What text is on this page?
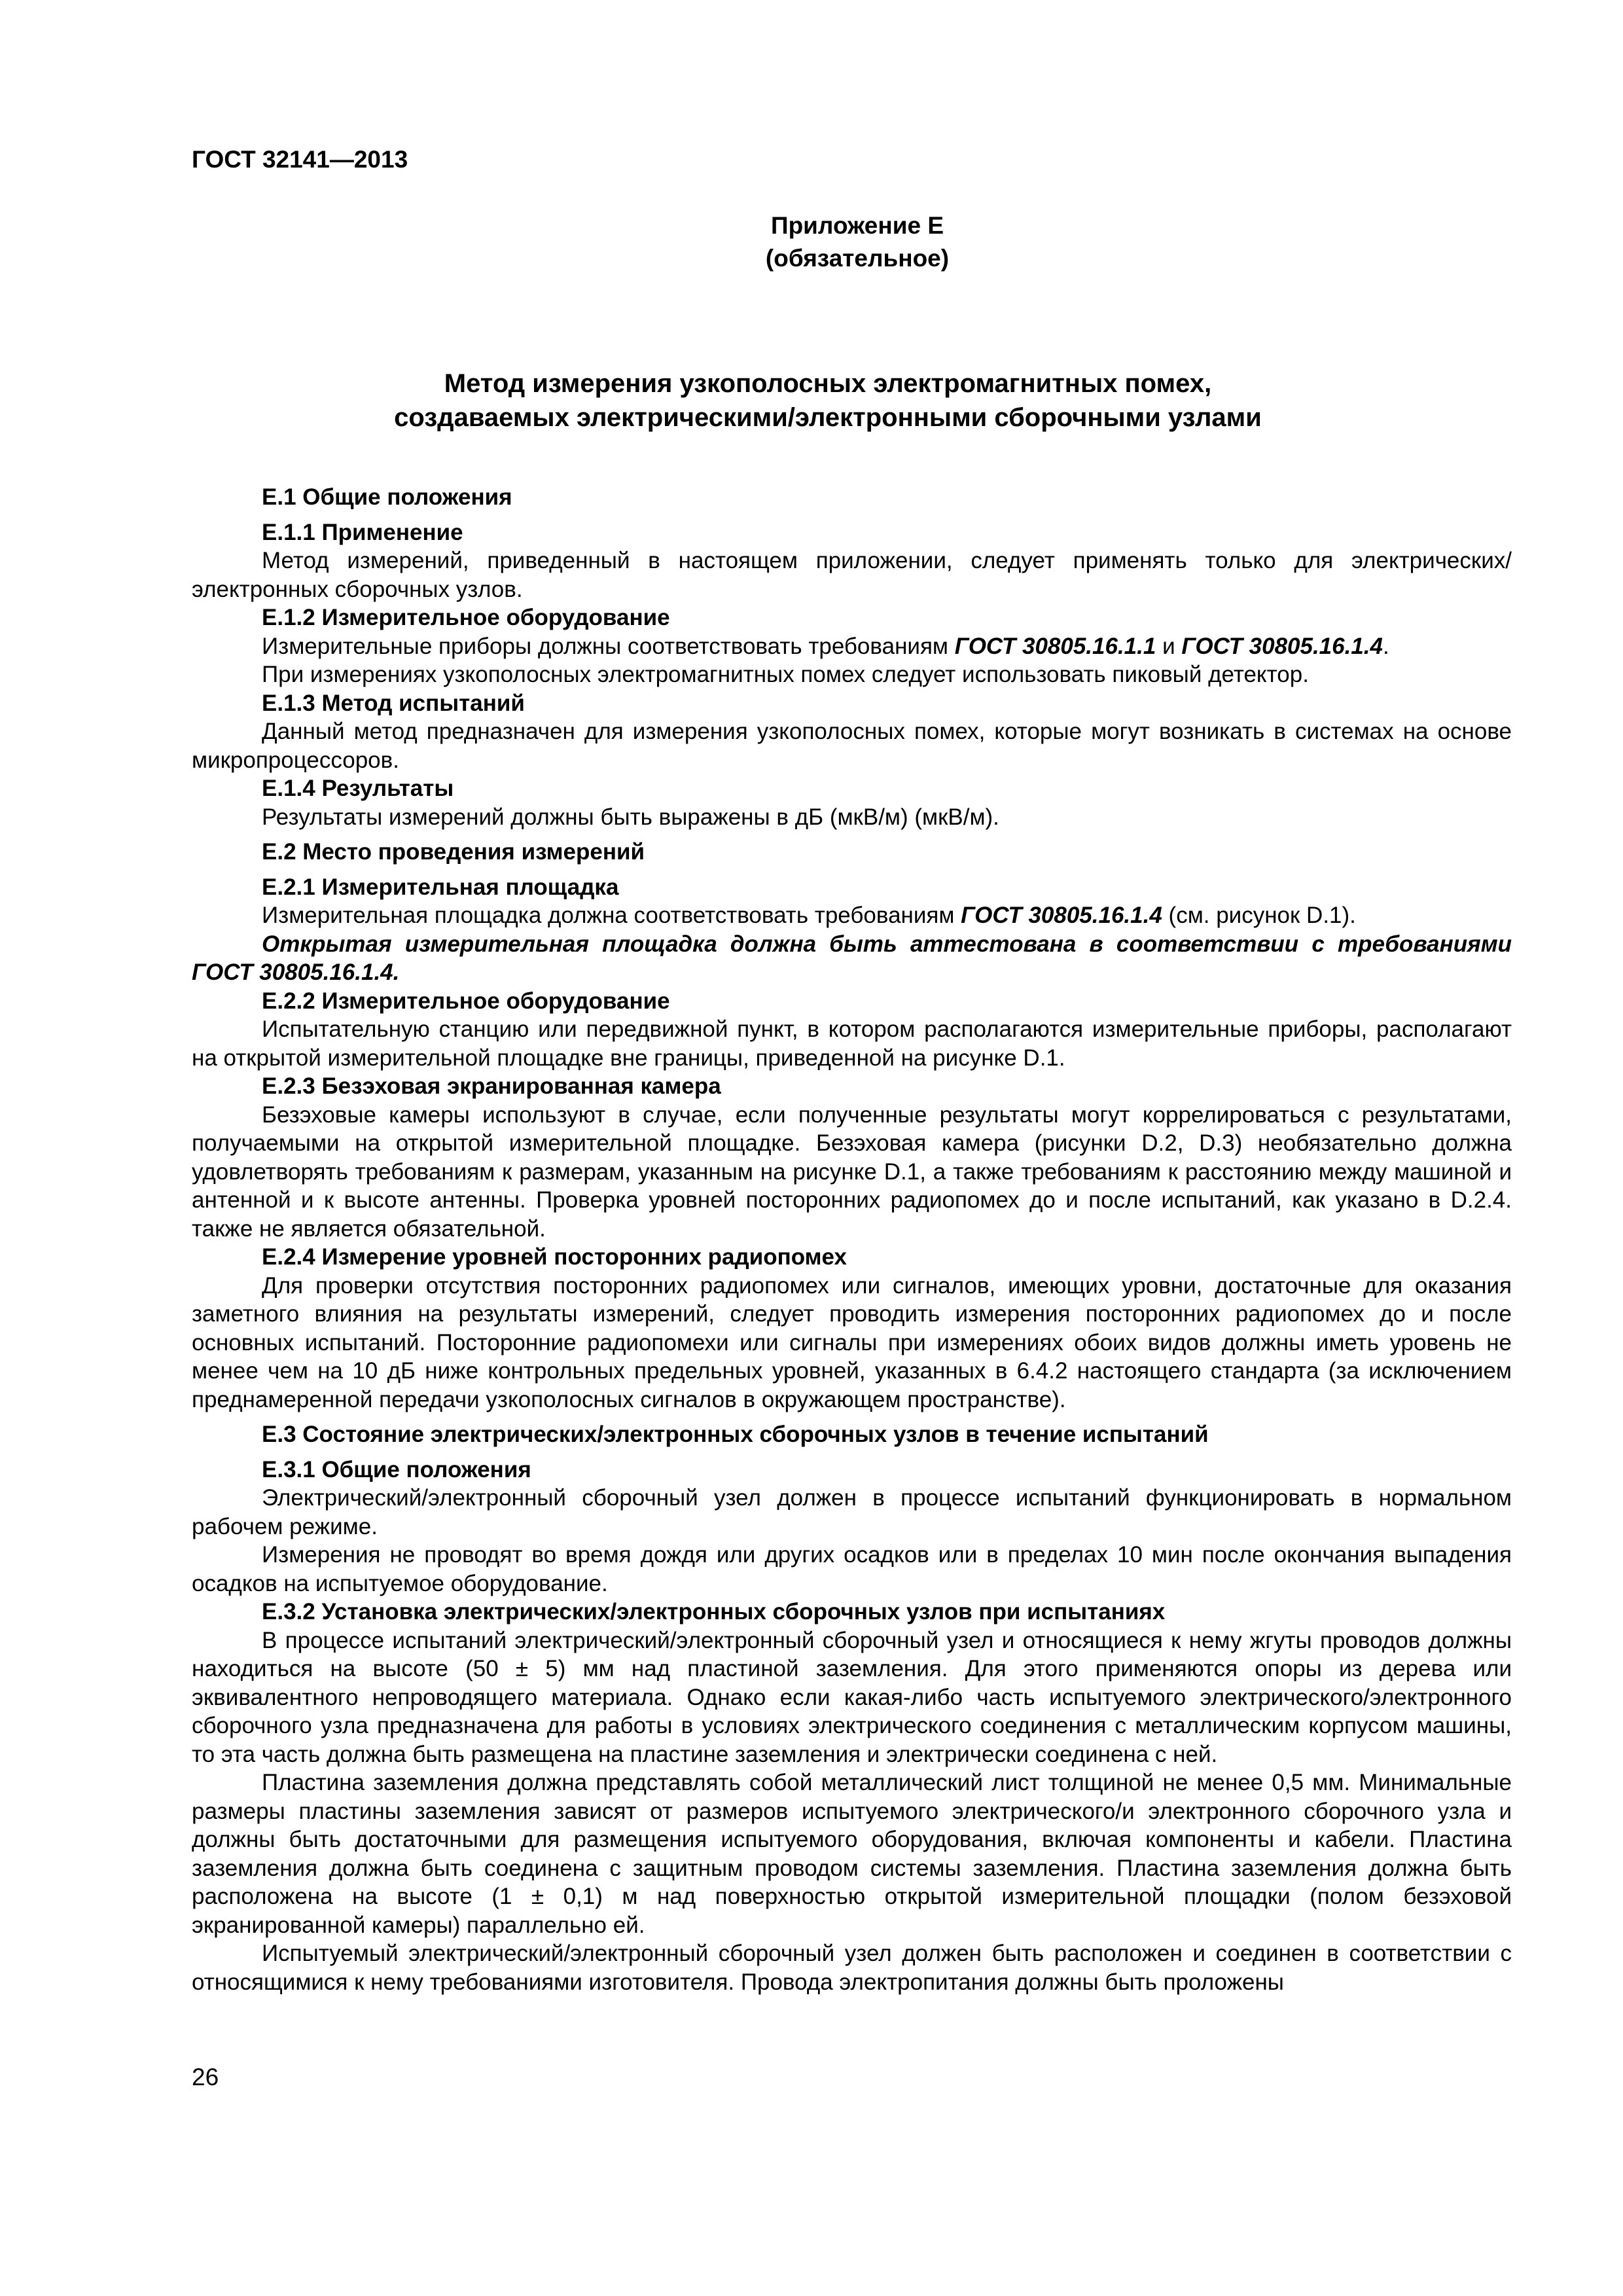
ГОСТ 32141—2013
Приложение Е
(обязательное)
Метод измерения узкополосных электромагнитных помех,
создаваемых электрическими/электронными сборочными узлами
Е.1 Общие положения
Е.1.1 Применение
Метод измерений, приведенный в настоящем приложении, следует применять только для электрических/электронных сборочных узлов.
Е.1.2 Измерительное оборудование
Измерительные приборы должны соответствовать требованиям ГОСТ 30805.16.1.1 и ГОСТ 30805.16.1.4.
При измерениях узкополосных электромагнитных помех следует использовать пиковый детектор.
Е.1.3 Метод испытаний
Данный метод предназначен для измерения узкополосных помех, которые могут возникать в системах на основе микропроцессоров.
Е.1.4 Результаты
Результаты измерений должны быть выражены в дБ (мкВ/м) (мкВ/м).
Е.2 Место проведения измерений
Е.2.1 Измерительная площадка
Измерительная площадка должна соответствовать требованиям ГОСТ 30805.16.1.4 (см. рисунок D.1).
Открытая измерительная площадка должна быть аттестована в соответствии с требованиями ГОСТ 30805.16.1.4.
Е.2.2 Измерительное оборудование
Испытательную станцию или передвижной пункт, в котором располагаются измерительные приборы, располагают на открытой измерительной площадке вне границы, приведенной на рисунке D.1.
Е.2.3 Безэховая экранированная камера
Безэховые камеры используют в случае, если полученные результаты могут коррелироваться с результатами, получаемыми на открытой измерительной площадке. Безэховая камера (рисунки D.2, D.3) необязательно должна удовлетворять требованиям к размерам, указанным на рисунке D.1, а также требованиям к расстоянию между машиной и антенной и к высоте антенны. Проверка уровней посторонних радиопомех до и после испытаний, как указано в D.2.4. также не является обязательной.
Е.2.4 Измерение уровней посторонних радиопомех
Для проверки отсутствия посторонних радиопомех или сигналов, имеющих уровни, достаточные для оказания заметного влияния на результаты измерений, следует проводить измерения посторонних радиопомех до и после основных испытаний. Посторонние радиопомехи или сигналы при измерениях обоих видов должны иметь уровень не менее чем на 10 дБ ниже контрольных предельных уровней, указанных в 6.4.2 настоящего стандарта (за исключением преднамеренной передачи узкополосных сигналов в окружающем пространстве).
Е.3 Состояние электрических/электронных сборочных узлов в течение испытаний
Е.3.1 Общие положения
Электрический/электронный сборочный узел должен в процессе испытаний функционировать в нормальном рабочем режиме.
Измерения не проводят во время дождя или других осадков или в пределах 10 мин после окончания выпадения осадков на испытуемое оборудование.
Е.3.2 Установка электрических/электронных сборочных узлов при испытаниях
В процессе испытаний электрический/электронный сборочный узел и относящиеся к нему жгуты проводов должны находиться на высоте (50 ± 5) мм над пластиной заземления. Для этого применяются опоры из дерева или эквивалентного непроводящего материала. Однако если какая-либо часть испытуемого электрического/электронного сборочного узла предназначена для работы в условиях электрического соединения с металлическим корпусом машины, то эта часть должна быть размещена на пластине заземления и электрически соединена с ней.
Пластина заземления должна представлять собой металлический лист толщиной не менее 0,5 мм. Минимальные размеры пластины заземления зависят от размеров испытуемого электрического/и электронного сборочного узла и должны быть достаточными для размещения испытуемого оборудования, включая компоненты и кабели. Пластина заземления должна быть соединена с защитным проводом системы заземления. Пластина заземления должна быть расположена на высоте (1 ± 0,1) м над поверхностью открытой измерительной площадки (полом безэховой экранированной камеры) параллельно ей.
Испытуемый электрический/электронный сборочный узел должен быть расположен и соединен в соответствии с относящимися к нему требованиями изготовителя. Провода электропитания должны быть проложены
26
